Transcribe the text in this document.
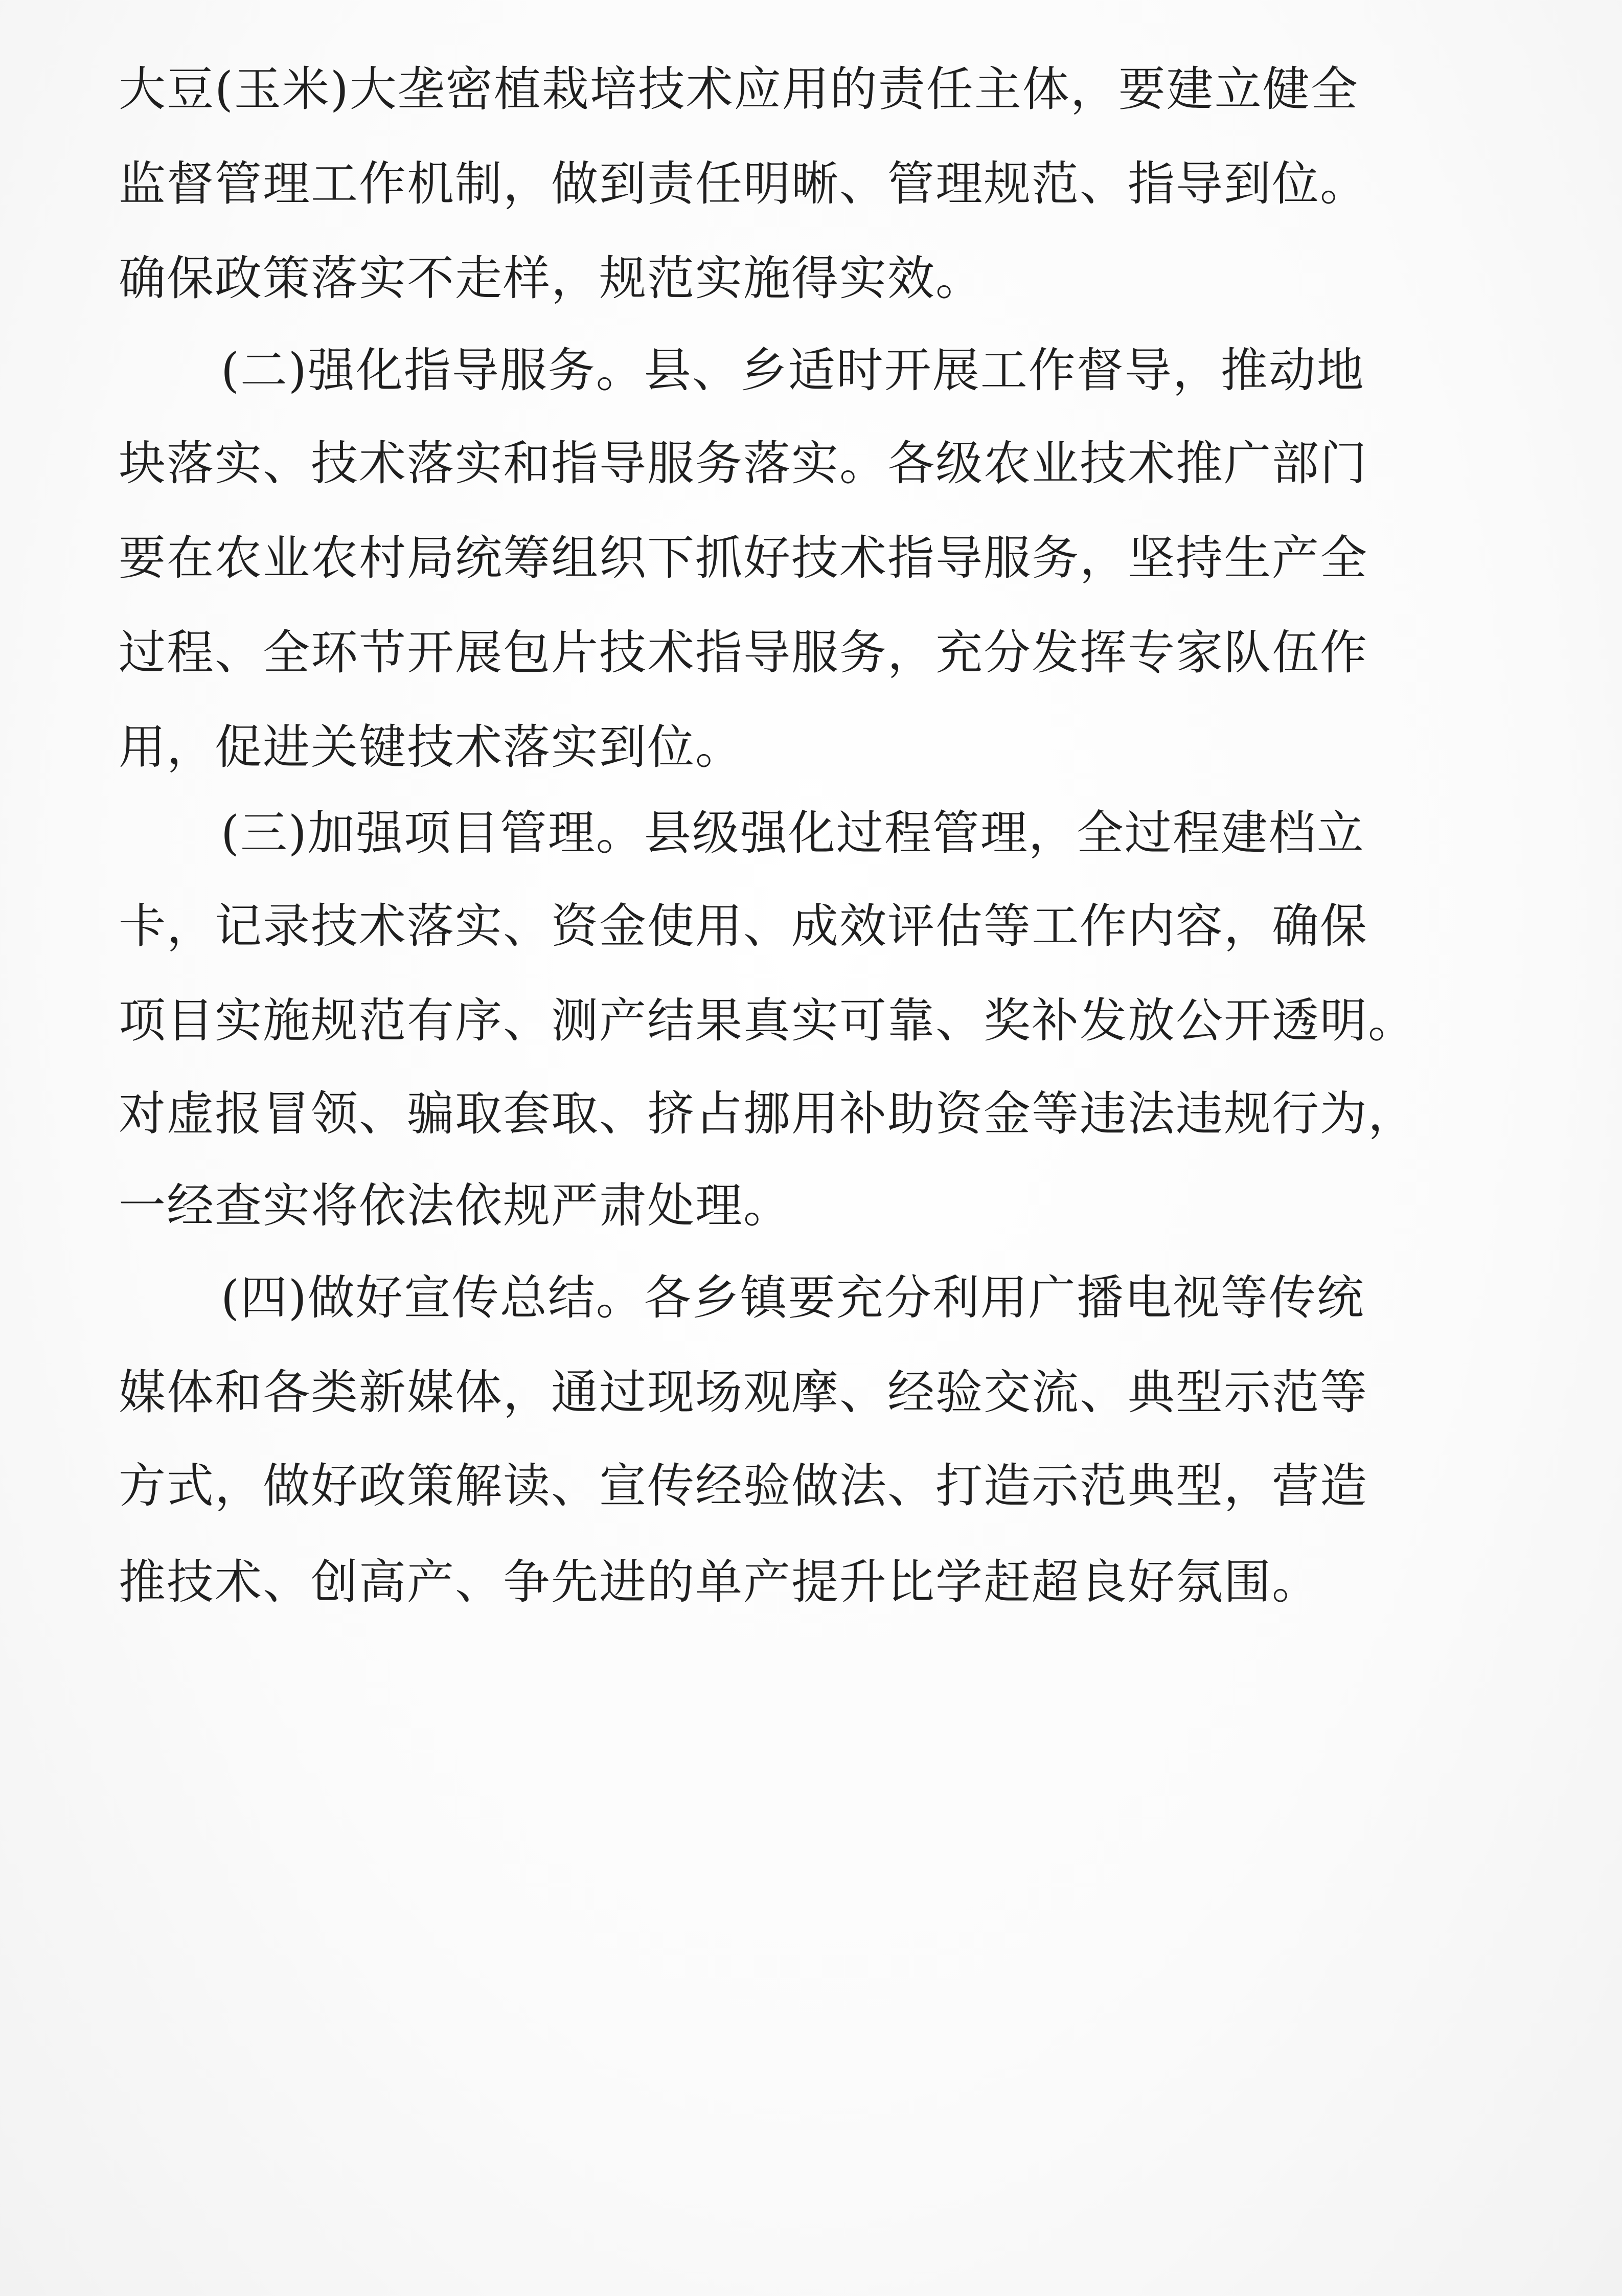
大豆(玉米)大垄密植栽培技术应用的责任主体，要建立健全
监督管理工作机制，做到责任明晰、管理规范、指导到位。
确保政策落实不走样，规范实施得实效。
(二)强化指导服务。县、乡适时开展工作督导，推动地
块落实、技术落实和指导服务落实。各级农业技术推广部门
要在农业农村局统筹组织下抓好技术指导服务，坚持生产全
过程、全环节开展包片技术指导服务，充分发挥专家队伍作
用，促进关键技术落实到位。
(三)加强项目管理。县级强化过程管理，全过程建档立
卡，记录技术落实、资金使用、成效评估等工作内容，确保
项目实施规范有序、测产结果真实可靠、奖补发放公开透明。
对虚报冒领、骗取套取、挤占挪用补助资金等违法违规行为，
一经查实将依法依规严肃处理。
(四)做好宣传总结。各乡镇要充分利用广播电视等传统
媒体和各类新媒体，通过现场观摩、经验交流、典型示范等
方式，做好政策解读、宣传经验做法、打造示范典型，营造
推技术、创高产、争先进的单产提升比学赶超良好氛围。
